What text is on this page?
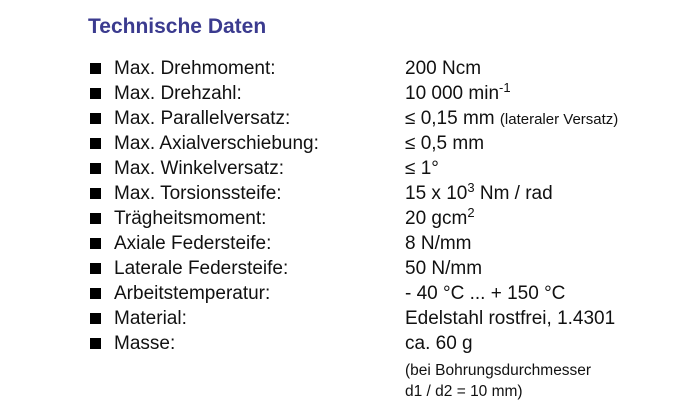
Technische Daten
Max. Drehmoment:	200 Ncm
Max. Drehzahl:	10 000 $\min^{-1}$
Max. Parallelversatz:	≤ 0,15 mm (lateraler Versatz)
Max. Axialverschiebung:	≤ 0,5 mm
Max. Winkelversatz:	≤ 1°
Max. Torsionssteife:	15 x $10^3$ Nm / rad
Trägheitsmoment:	20 gcm$^2$
Axiale Federsteife:	8 N/mm
Laterale Federsteife:	50 N/mm
Arbeitstemperatur:	- 40 °C ... + 150 °C
Material:	Edelstahl rostfrei, 1.4301
Masse:	ca. 60 g
(bei Bohrungsdurchmesser
d1 / d2 = 10 mm)
